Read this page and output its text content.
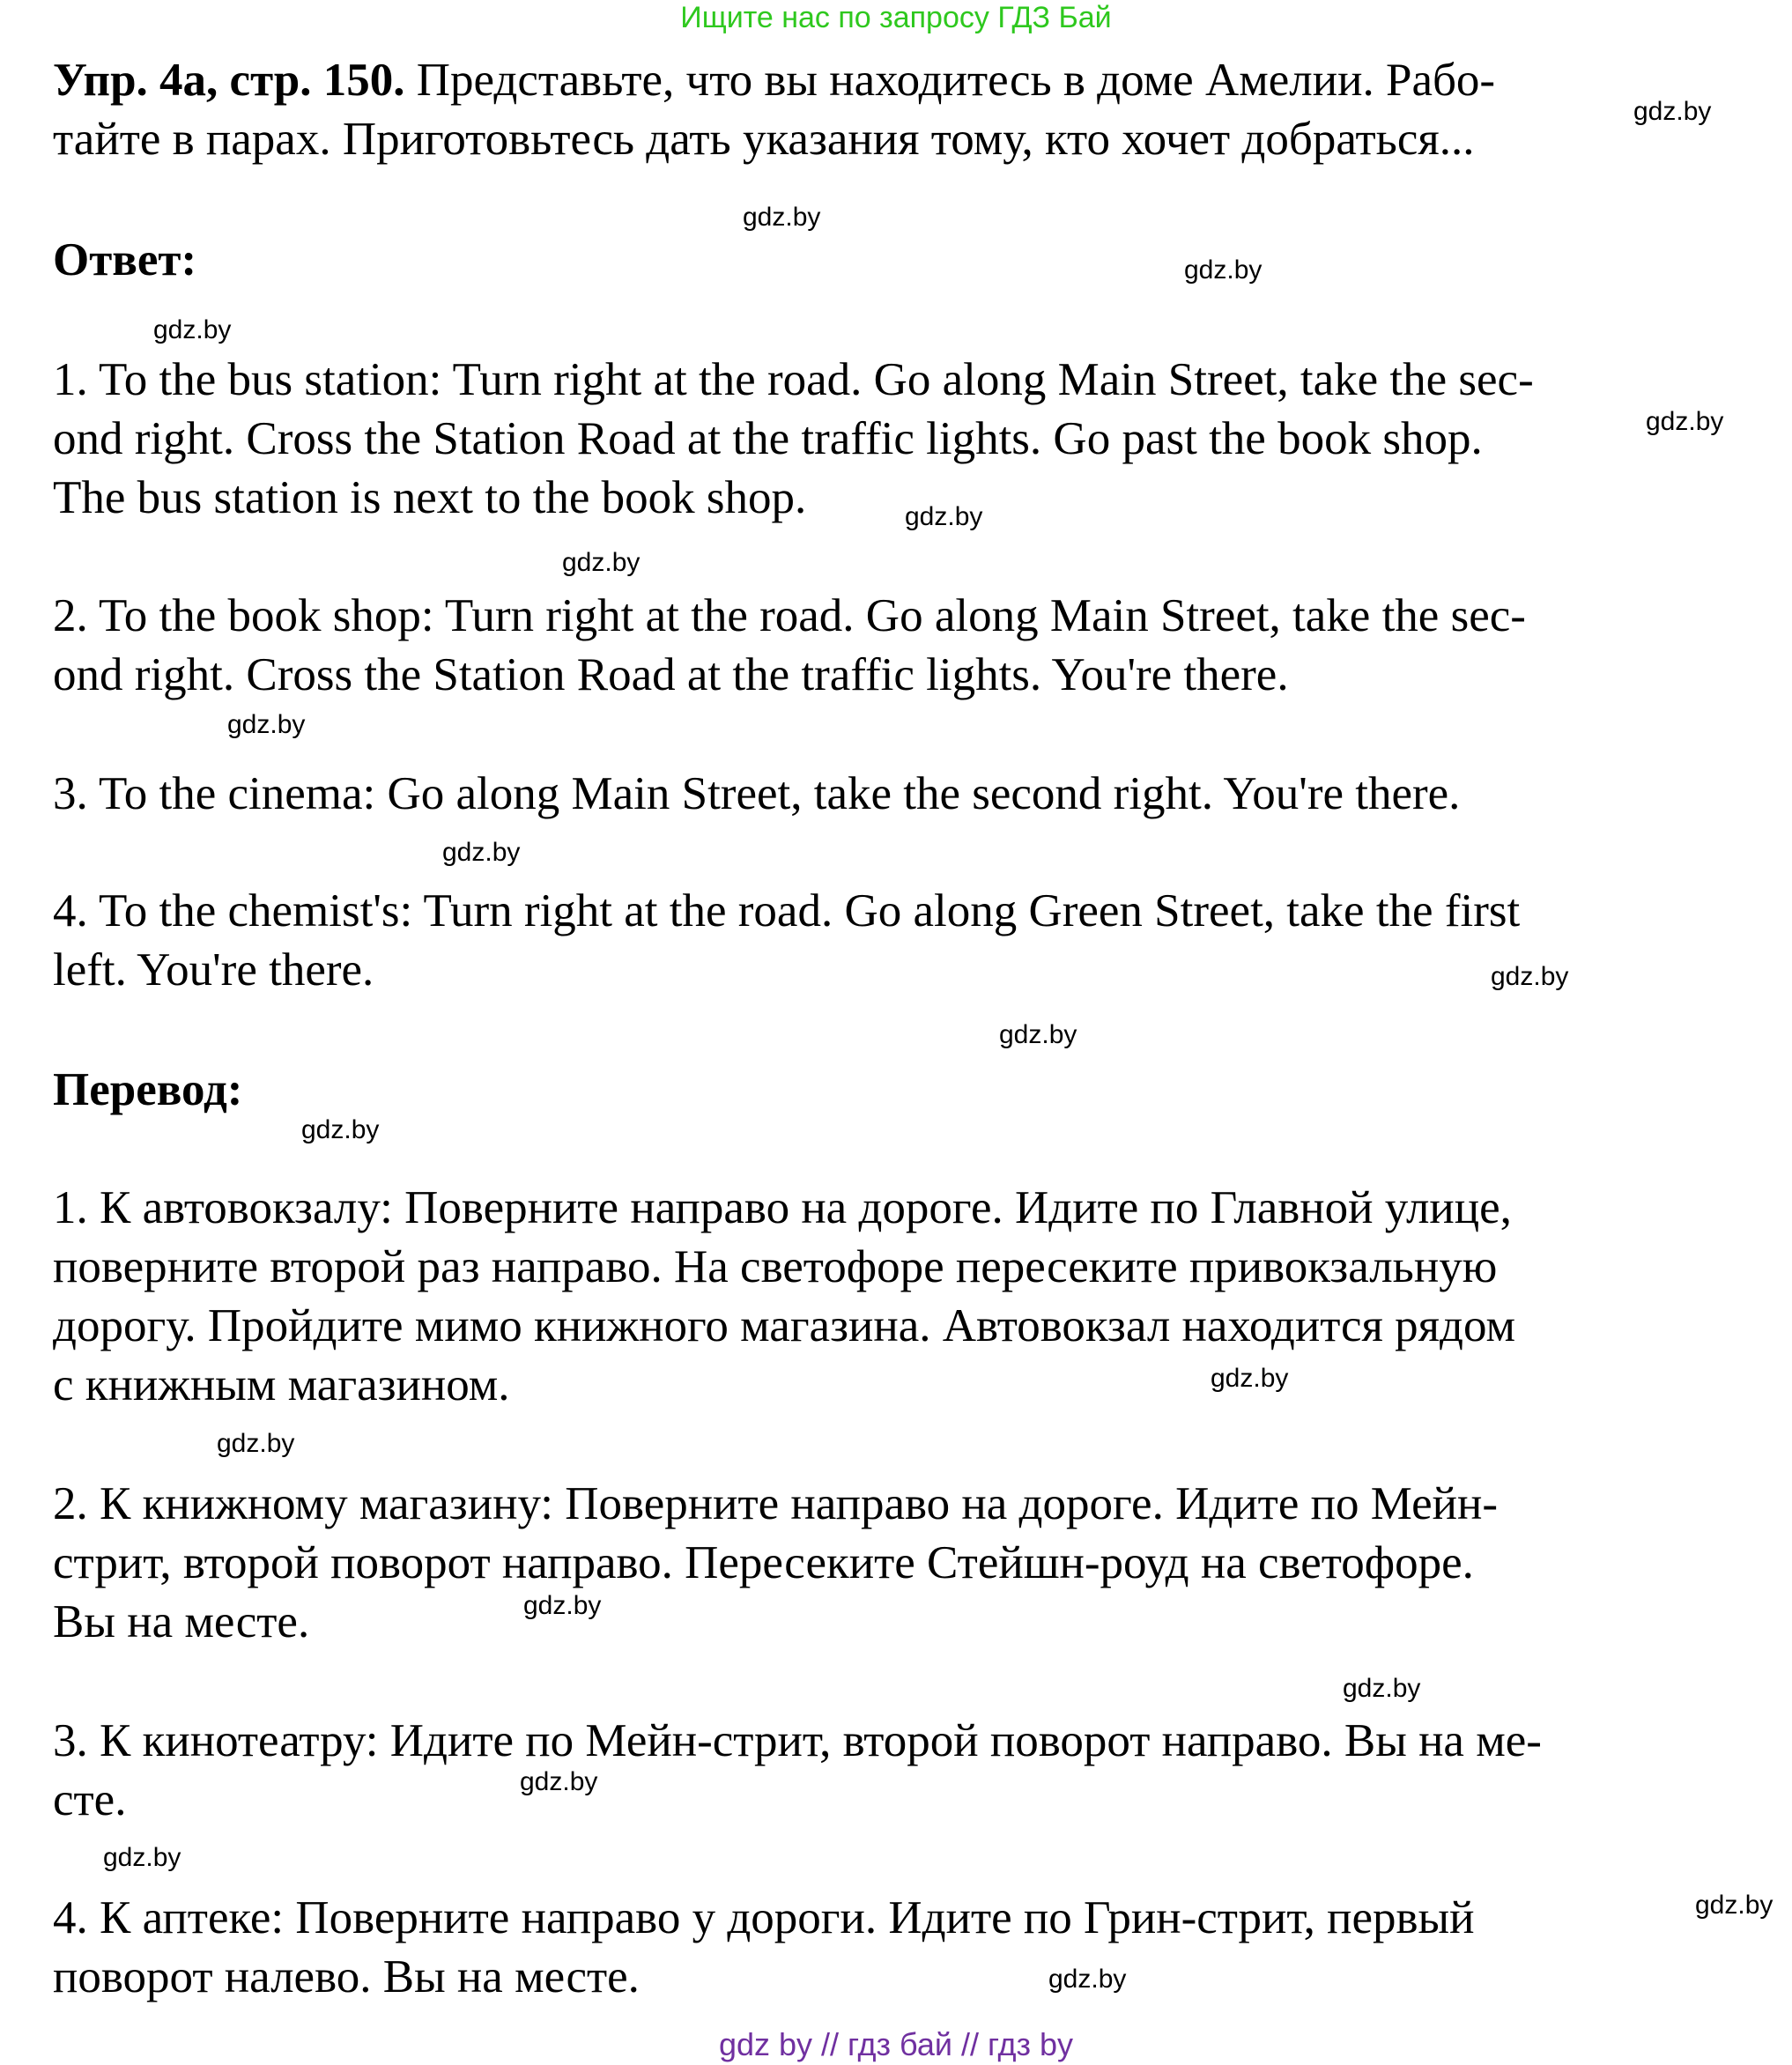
Ищите нас по запросу ГДЗ Бай
Упр. 4a, стр. 150. Представьте, что вы находитесь в доме Амелии. Рабо-
тайте в парах. Приготовьтесь дать указания тому, кто хочет добраться...
Ответ:
1. To the bus station: Turn right at the road. Go along Main Street, take the sec-
ond right. Cross the Station Road at the traffic lights. Go past the book shop.
The bus station is next to the book shop.
2. To the book shop: Turn right at the road. Go along Main Street, take the sec-
ond right. Cross the Station Road at the traffic lights. You're there.
3. To the cinema: Go along Main Street, take the second right. You're there.
4. To the chemist's: Turn right at the road. Go along Green Street, take the first
left. You're there.
Перевод:
1. К автовокзалу: Поверните направо на дороге. Идите по Главной улице,
поверните второй раз направо. На светофоре пересеките привокзальную
дорогу. Пройдите мимо книжного магазина. Автовокзал находится рядом
с книжным магазином.
2. К книжному магазину: Поверните направо на дороге. Идите по Мейн-
стрит, второй поворот направо. Пересеките Стейшн-роуд на светофоре.
Вы на месте.
3. К кинотеатру: Идите по Мейн-стрит, второй поворот направо. Вы на ме-
сте.
4. К аптеке: Поверните направо у дороги. Идите по Грин-стрит, первый
поворот налево. Вы на месте.
gdz.by
gdz.by
gdz.by
gdz.by
gdz.by
gdz.by
gdz.by
gdz.by
gdz.by
gdz.by
gdz.by
gdz.by
gdz.by
gdz.by
gdz.by
gdz.by
gdz.by
gdz.by
gdz.by
gdz.by
gdz by // гдз бай // гдз by
